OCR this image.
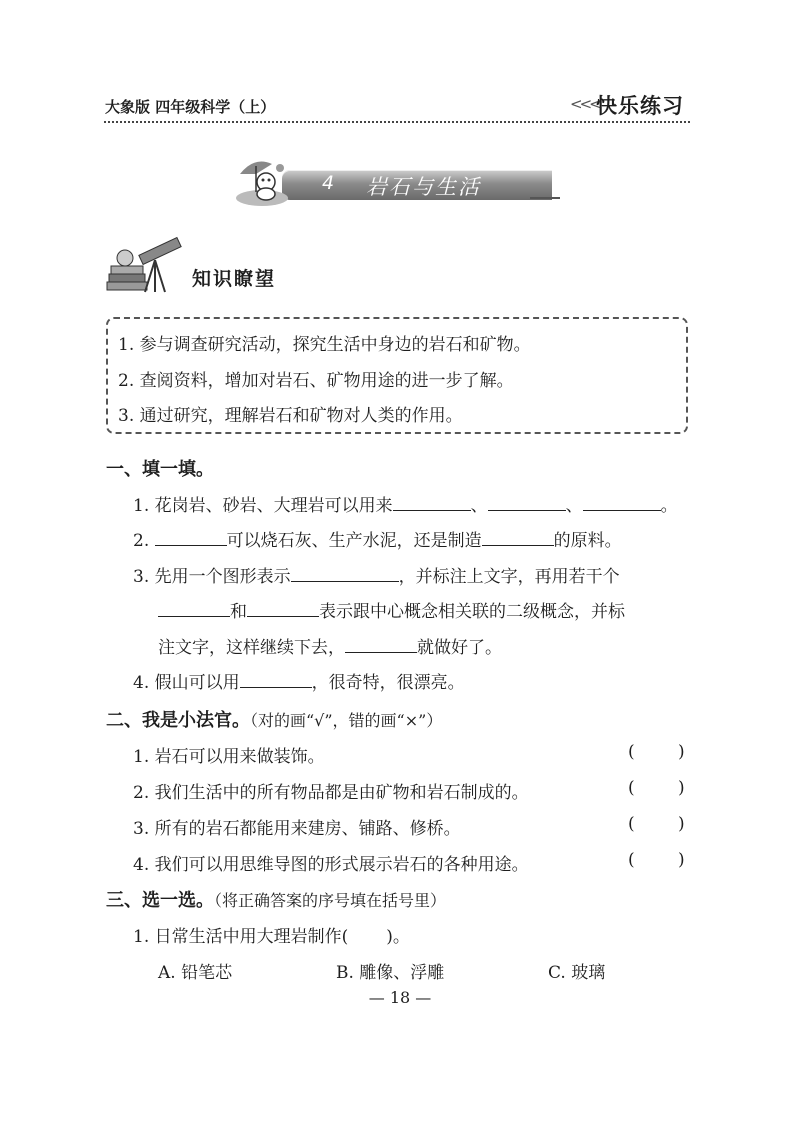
大象版 四年级科学（上）	<<<
快乐练习
4 岩石与生活
知识瞭望
1. 参与调查研究活动，探究生活中身边的岩石和矿物。
2. 查阅资料，增加对岩石、矿物用途的进一步了解。
3. 通过研究，理解岩石和矿物对人类的作用。
一、填一填。
1. 花岗岩、砂岩、大理岩可以用来	、	、	。
2.	可以烧石灰、生产水泥，还是制造	的原料。
3. 先用一个图形表示	，并标注上文字，再用若干个
和	表示跟中心概念相关联的二级概念，并标
注文字，这样继续下去，	就做好了。
4. 假山可以用	，很奇特，很漂亮。
二、我是小法官。（对的画“√”，错的画“×”）
1. 岩石可以用来做装饰。	(	)
2. 我们生活中的所有物品都是由矿物和岩石制成的。	(	)
3. 所有的岩石都能用来建房、铺路、修桥。	(	)
4. 我们可以用思维导图的形式展示岩石的各种用途。	(	)
三、选一选。（将正确答案的序号填在括号里）
1. 日常生活中用大理岩制作( )。
A. 铅笔芯	B. 雕像、浮雕	C. 玻璃
— 18 —
